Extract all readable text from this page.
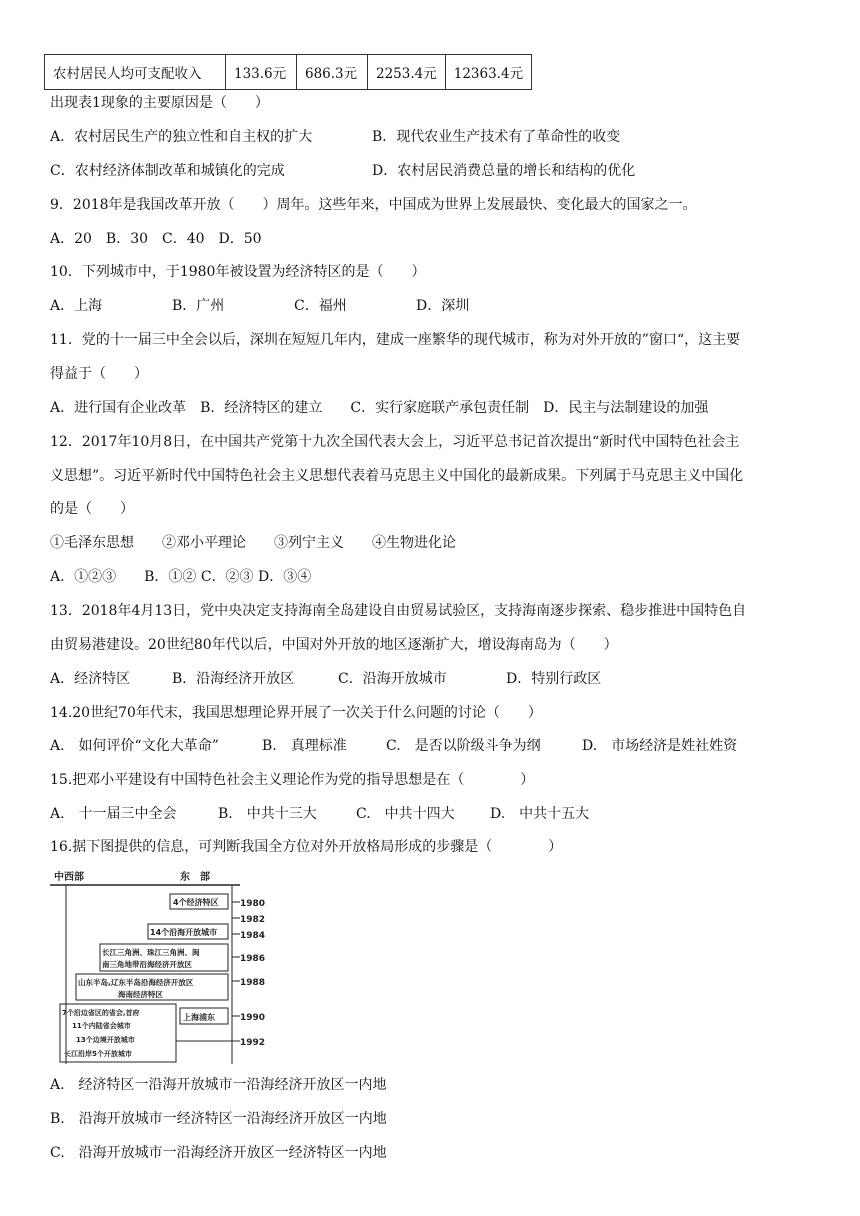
农村居民人均可支配收入	133.6元	686.3元	2253.4元	12363.4元
出现表1现象的主要原因是（　　）
A．农村居民生产的独立性和自主权的扩大	B．现代农业生产技术有了革命性的收变
C．农村经济体制改革和城镇化的完成	D．农村居民消费总量的增长和结构的优化
9．2018年是我国改革开放（　　）周年。这些年来，中国成为世界上发展最快、变化最大的国家之一。
A．20　B．30　C．40　D．50
10．下列城市中，于1980年被设置为经济特区的是（　　）
A．上海	B．广州	C．福州	D．深圳
11．党的十一届三中全会以后，深圳在短短几年内，建成一座繁华的现代城市，称为对外开放的”窗口“，这主要
得益于（　　）
A．进行国有企业改革　B．经济特区的建立　　C．实行家庭联产承包责任制　D．民主与法制建设的加强
12．2017年10月8日，在中国共产党第十九次全国代表大会上，习近平总书记首次提出“新时代中国特色社会主
义思想”。习近平新时代中国特色社会主义思想代表着马克思主义中国化的最新成果。下列属于马克思主义中国化
的是（　　）
①毛泽东思想　　②邓小平理论　　③列宁主义　　④生物进化论
A．①②③　　B．①② C．②③ D．③④
13．2018年4月13日，党中央决定支持海南全岛建设自由贸易试验区，支持海南逐步探索、稳步推进中国特色自
由贸易港建设。20世纪80年代以后，中国对外开放的地区逐渐扩大，增设海南岛为（　　）
A．经济特区	B．沿海经济开放区	C．沿海开放城市	D．特别行政区
14.20世纪70年代末，我国思想理论界开展了一次关于什么问题的讨论（　　）
A.　如何评价“文化大革命”	B.　真理标准	C.　是否以阶级斗争为纲	D.　市场经济是姓社姓资
15.把邓小平建设有中国特色社会主义理论作为党的指导思想是在（　　　　）
A.　十一届三中全会	B.　中共十三大	C.　中共十四大	D.　中共十五大
16.据下图提供的信息，可判断我国全方位对外开放格局形成的步骤是（　　　　）
中西部	东　部
1980
1982
1984
1986
1988
1990
1992
4个经济特区
14个沿海开放城市
长江三角洲、珠江三角洲、闽
南三角地带沿海经济开放区
山东半岛,辽东半岛沿海经济开放区
海南经济特区
上海浦东
7个沿边省区的省会,首府
11个内陆省会城市
13个边境开放城市
长江沿岸5个开放城市
A.　经济特区一沿海开放城市一沿海经济开放区一内地
B.　沿海开放城市一经济特区一沿海经济开放区一内地
C.　沿海开放城市一沿海经济开放区一经济特区一内地
